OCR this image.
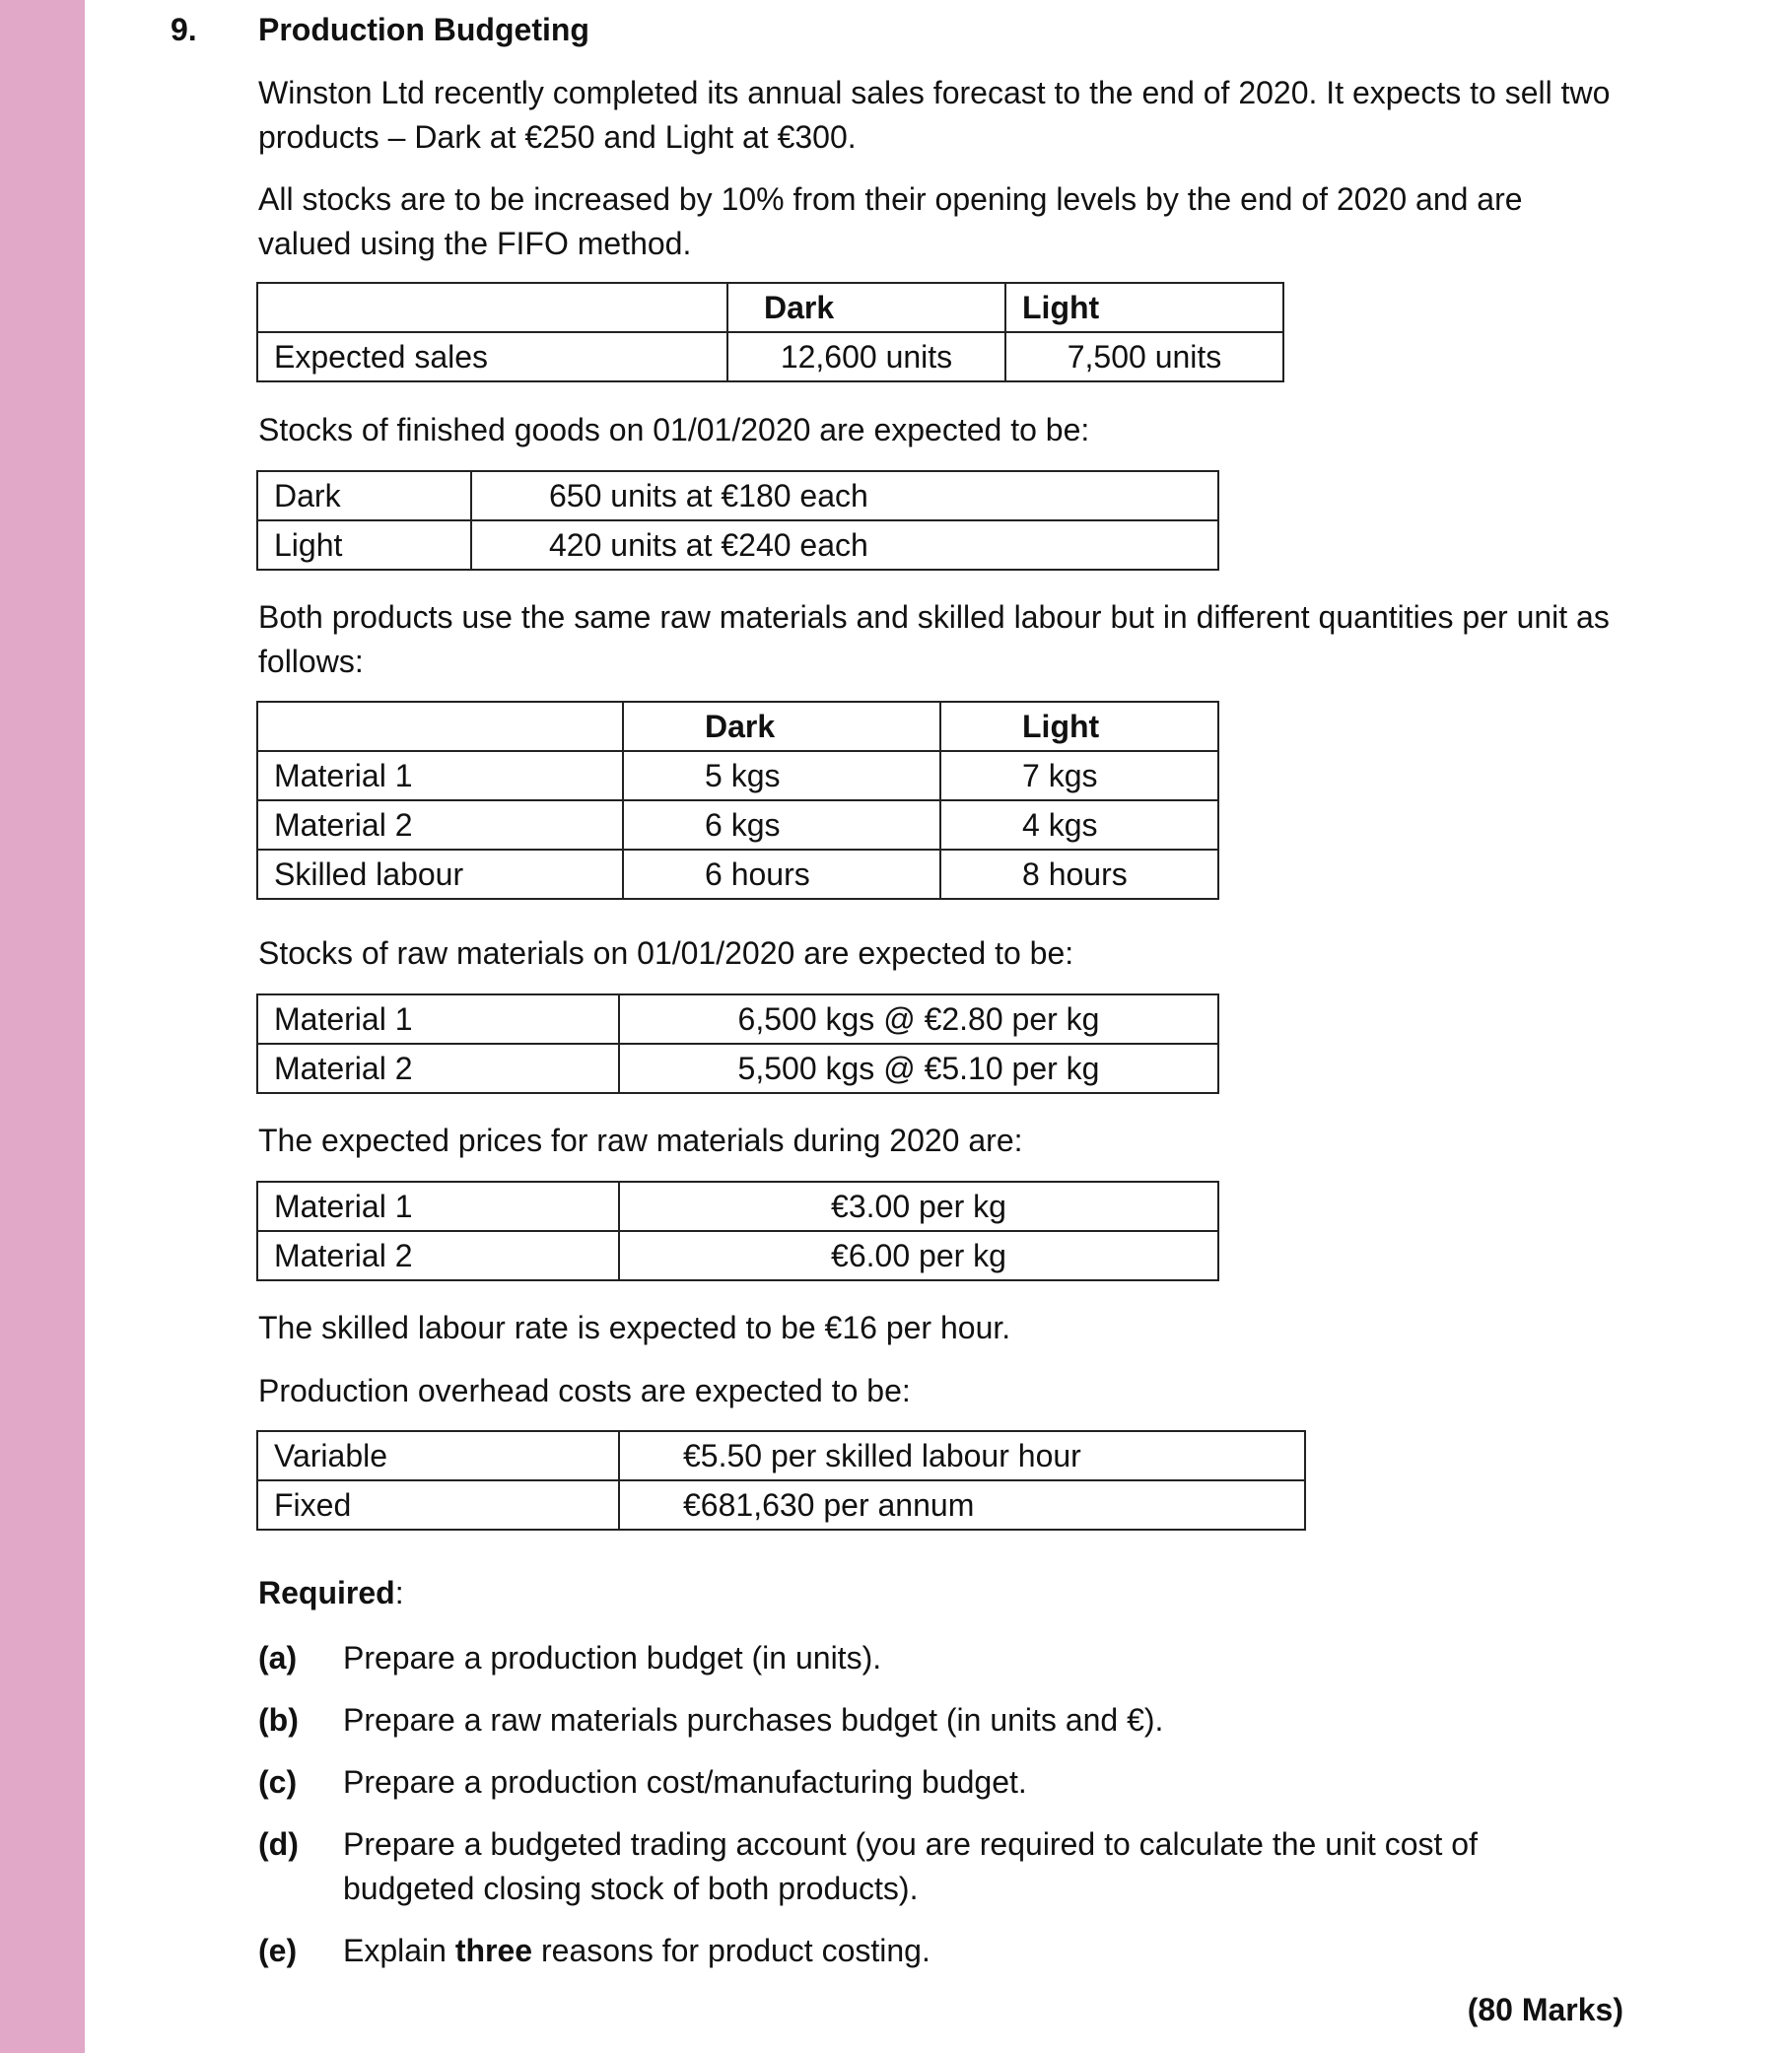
9. Production Budgeting

Winston Ltd recently completed its annual sales forecast to the end of 2020. It expects to sell two products – Dark at €250 and Light at €300.

All stocks are to be increased by 10% from their opening levels by the end of 2020 and are valued using the FIFO method.

	Dark	Light
Expected sales	12,600 units	7,500 units
Stocks of finished goods on 01/01/2020 are expected to be:
Dark	650 units at €180 each
Light	420 units at €240 each

Both products use the same raw materials and skilled labour but in different quantities per unit as follows:

	Dark	Light
Material 1	5 kgs	7 kgs
Material 2	6 kgs	4 kgs
Skilled labour	6 hours	8 hours
Stocks of raw materials on 01/01/2020 are expected to be:
Material 1	6,500 kgs @ €2.80 per kg
Material 2	5,500 kgs @ €5.10 per kg
The expected prices for raw materials during 2020 are:
Material 1	€3.00 per kg
Material 2	€6.00 per kg
The skilled labour rate is expected to be €16 per hour.
Production overhead costs are expected to be:
Variable	€5.50 per skilled labour hour
Fixed	€681,630 per annum
Required:
(a) Prepare a production budget (in units).
(b) Prepare a raw materials purchases budget (in units and €).
(c) Prepare a production cost/manufacturing budget.
(d) Prepare a budgeted trading account (you are required to calculate the unit cost of budgeted closing stock of both products).
(e) Explain three reasons for product costing.
(80 Marks)
